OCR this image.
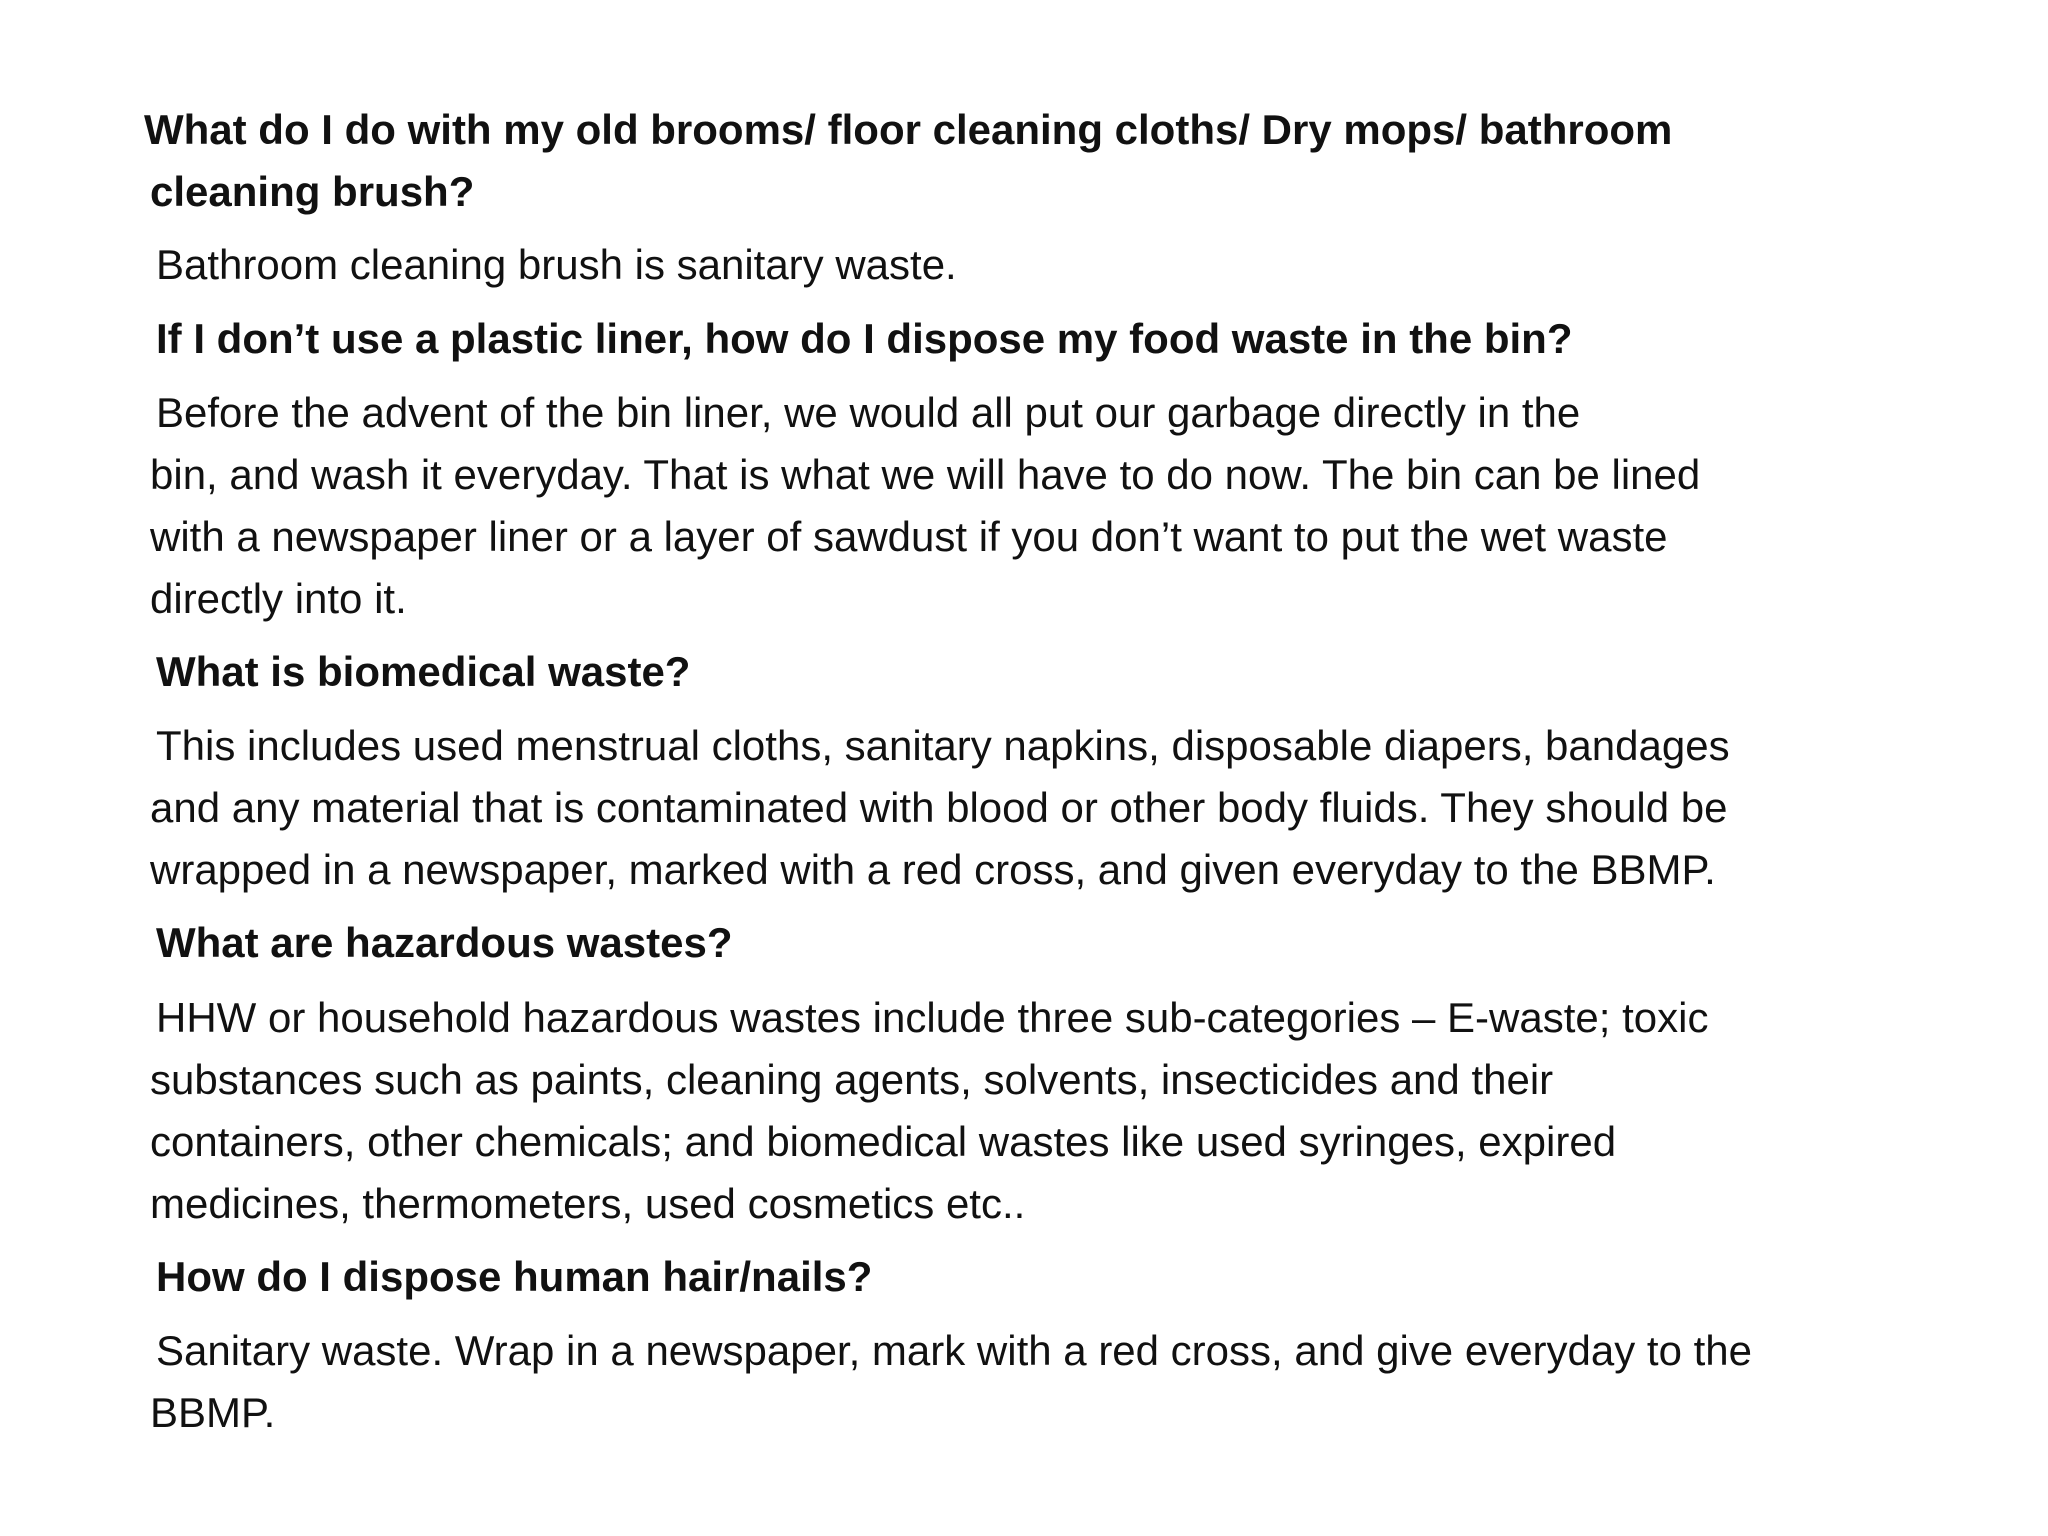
What do I do with my old brooms/ floor cleaning cloths/ Dry mops/ bathroom
cleaning brush?
Bathroom cleaning brush is sanitary waste.
If I don’t use a plastic liner, how do I dispose my food waste in the bin?
Before the advent of the bin liner, we would all put our garbage directly in the
bin, and wash it everyday. That is what we will have to do now. The bin can be lined
with a newspaper liner or a layer of sawdust if you don’t want to put the wet waste
directly into it.
What is biomedical waste?
This includes used menstrual cloths, sanitary napkins, disposable diapers, bandages
and any material that is contaminated with blood or other body fluids. They should be
wrapped in a newspaper, marked with a red cross, and given everyday to the BBMP.
What are hazardous wastes?
HHW or household hazardous wastes include three sub-categories – E-waste; toxic
substances such as paints, cleaning agents, solvents, insecticides and their
containers, other chemicals; and biomedical wastes like used syringes, expired
medicines, thermometers, used cosmetics etc..
How do I dispose human hair/nails?
Sanitary waste. Wrap in a newspaper, mark with a red cross, and give everyday to the
BBMP.
